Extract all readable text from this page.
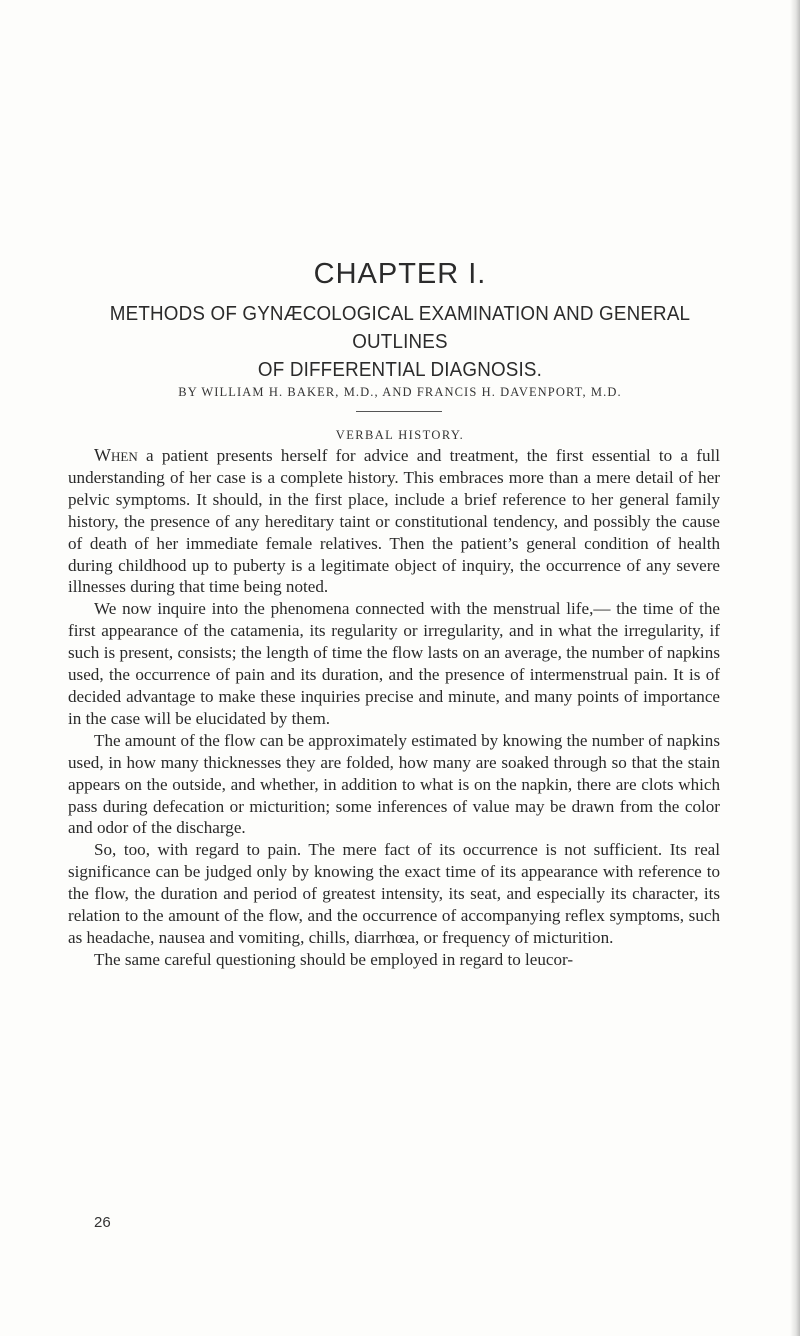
CHAPTER I.
METHODS OF GYNÆCOLOGICAL EXAMINATION AND GENERAL OUTLINES
OF DIFFERENTIAL DIAGNOSIS.
BY WILLIAM H. BAKER, M.D., AND FRANCIS H. DAVENPORT, M.D.
VERBAL HISTORY.

When a patient presents herself for advice and treatment, the first essential to a full understanding of her case is a complete history. This embraces more than a mere detail of her pelvic symptoms. It should, in the first place, include a brief reference to her general family history, the presence of any hereditary taint or constitutional tendency, and possibly the cause of death of her immediate female relatives. Then the patient’s general condition of health during childhood up to puberty is a legitimate object of inquiry, the occurrence of any severe illnesses during that time being noted.

We now inquire into the phenomena connected with the menstrual life,— the time of the first appearance of the catamenia, its regularity or irregularity, and in what the irregularity, if such is present, consists; the length of time the flow lasts on an average, the number of napkins used, the occurrence of pain and its duration, and the presence of intermenstrual pain. It is of decided advantage to make these inquiries precise and minute, and many points of importance in the case will be elucidated by them.

The amount of the flow can be approximately estimated by knowing the number of napkins used, in how many thicknesses they are folded, how many are soaked through so that the stain appears on the outside, and whether, in addition to what is on the napkin, there are clots which pass during defecation or micturition; some inferences of value may be drawn from the color and odor of the discharge.

So, too, with regard to pain. The mere fact of its occurrence is not sufficient. Its real significance can be judged only by knowing the exact time of its appearance with reference to the flow, the duration and period of greatest intensity, its seat, and especially its character, its relation to the amount of the flow, and the occurrence of accompanying reflex symptoms, such as headache, nausea and vomiting, chills, diarrhœa, or frequency of micturition.

The same careful questioning should be employed in regard to leucor-

26
